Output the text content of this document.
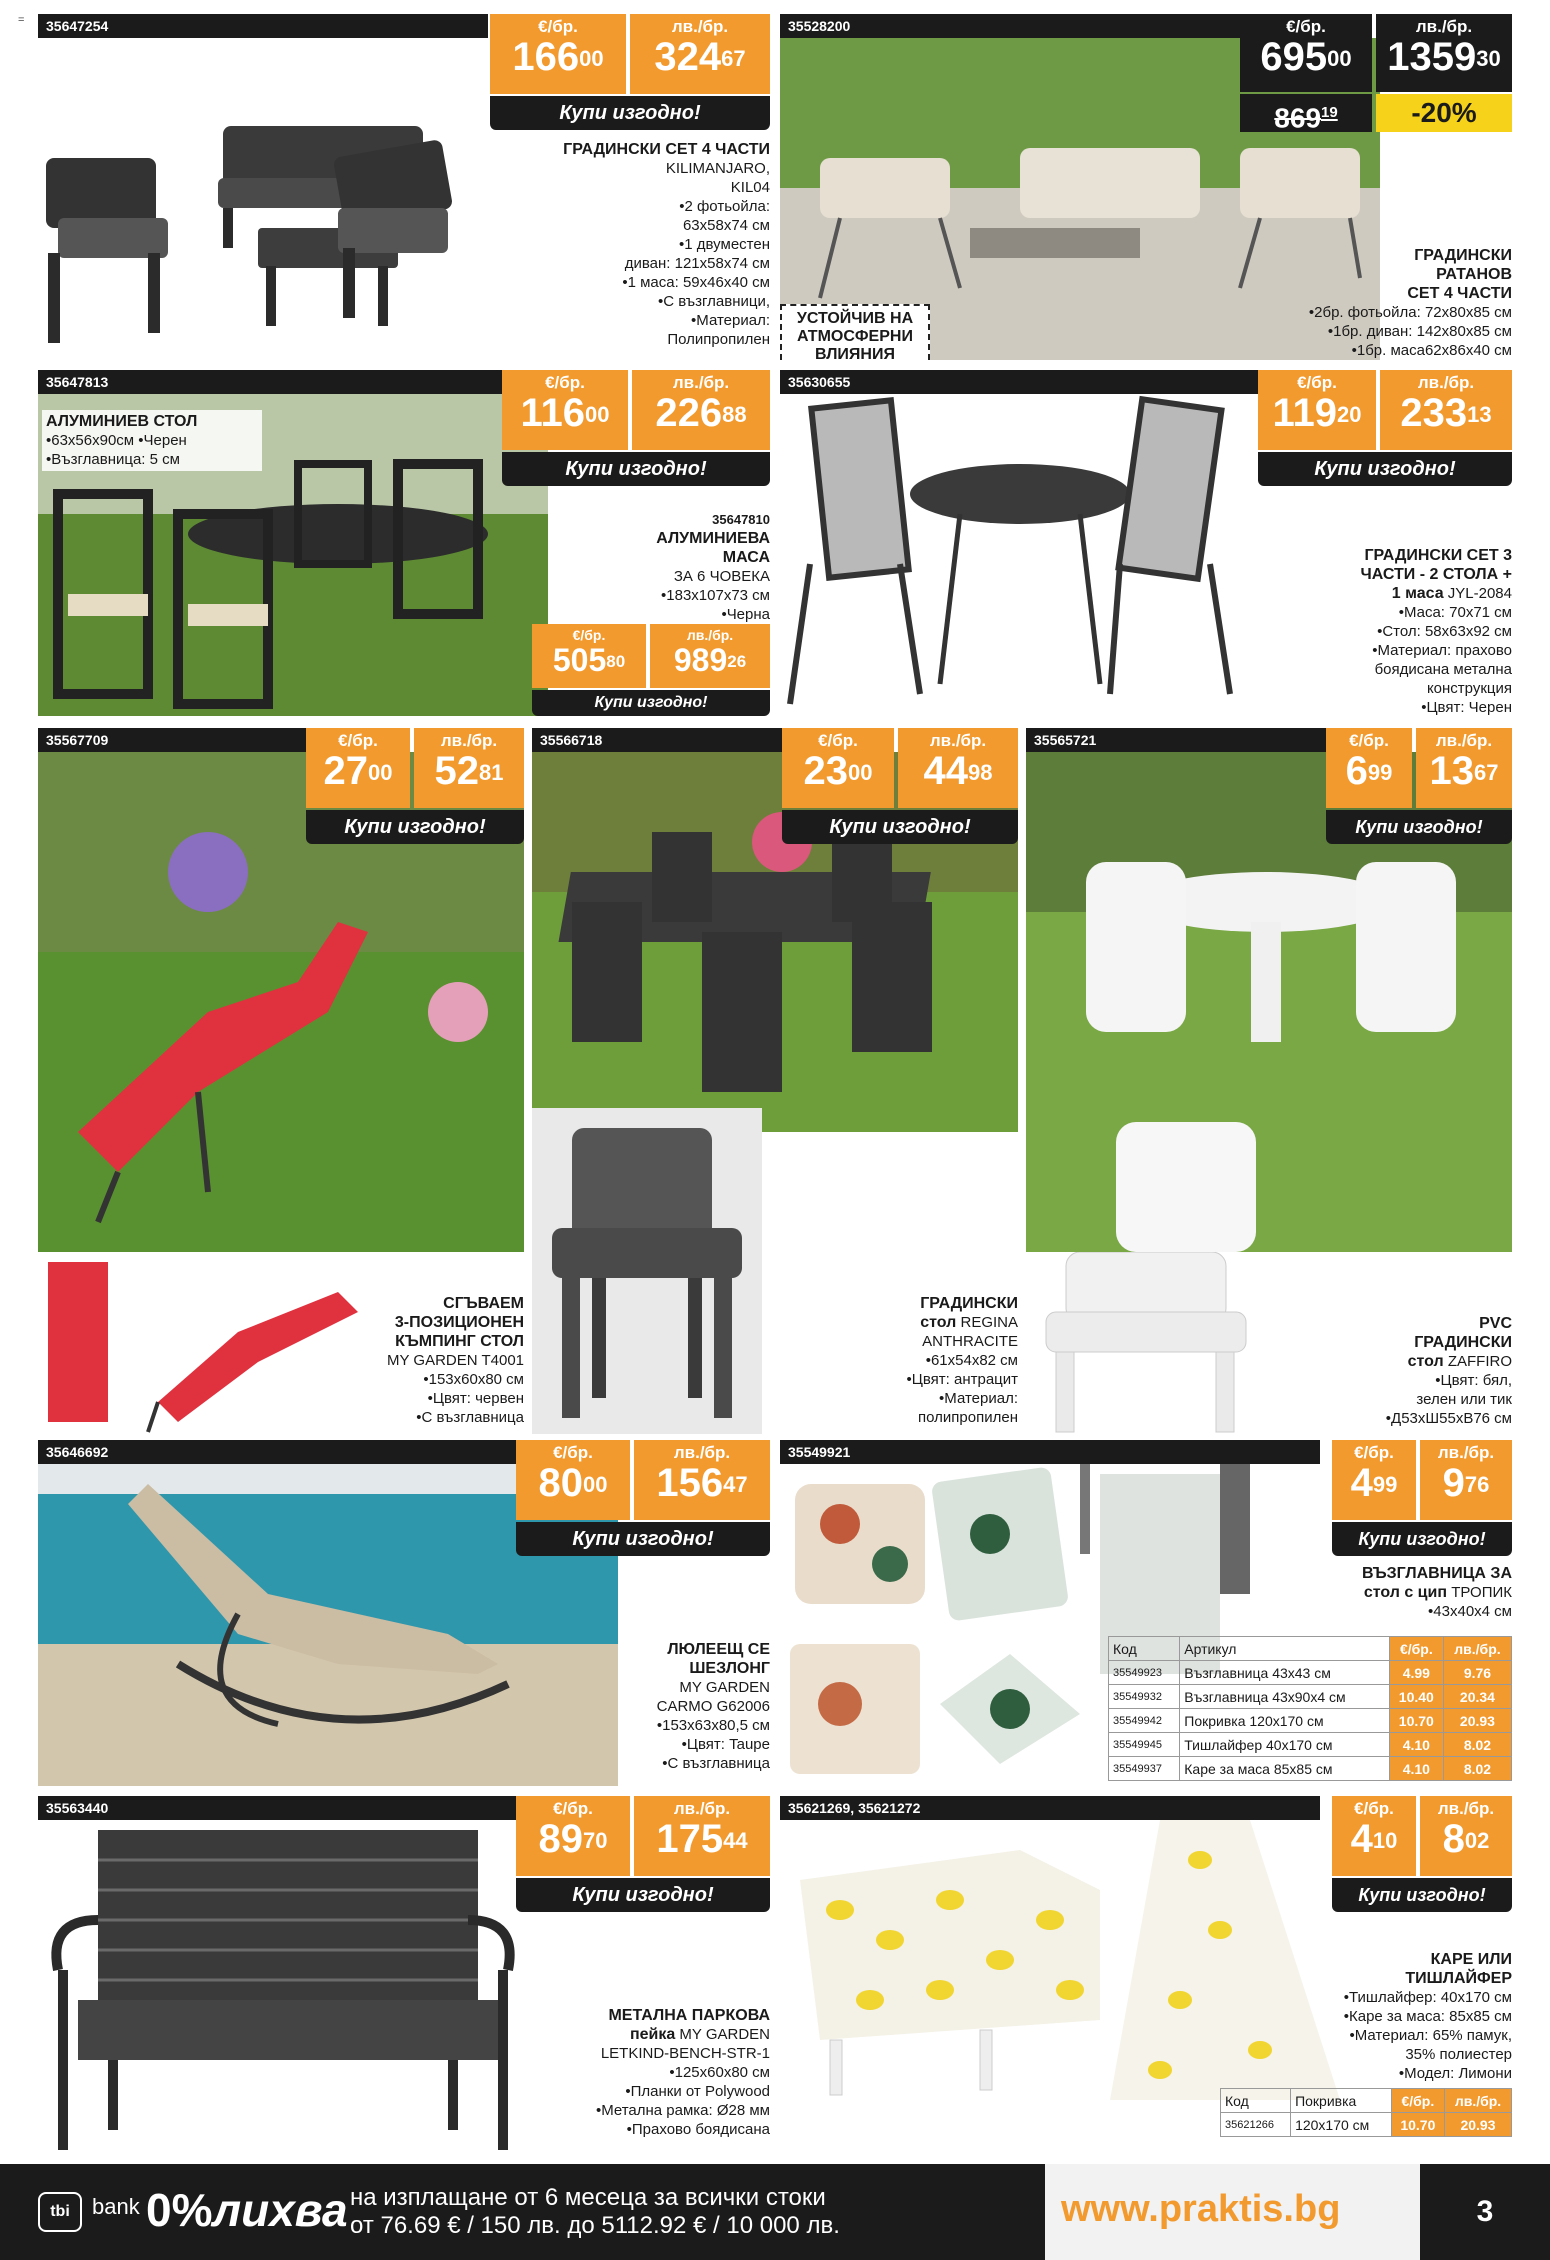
=	35647254	€/бр.
$166^{00}$
лв./бр.
$324^{67}$
Купи изгодно!
ГРАДИНСКИ СЕТ 4 ЧАСТИ
KILIMANJARO,
KIL04
•2 фотьойла:
63x58x74 см
•1 двуместен
диван: 121x58x74 см
•1 маса: 59x46x40 см
•С възглавници,
•Материал:
Полипропилен
35528200	€/бр.
$695^{00}$
лв./бр.
1359$^{30}$
$869^{19}$	-20%
УСТОЙЧИВ НА АТМОСФЕРНИ ВЛИЯНИЯ
ГРАДИНСКИ
РАТАНОВ
СЕТ 4 ЧАСТИ
•2бр. фотьойла: 72x80x85 см
•1бр. диван: 142x80x85 см
•1бр. маса62x86x40 см
35647813
АЛУМИНИЕВ СТОЛ
•63x56x90см •Черен
•Възглавница: 5 см
€/бр.
$116^{00}$
лв./бр.
$226^{88}$
Купи изгодно!
35647810
АЛУМИНИЕВА
МАСА
ЗА 6 ЧОВЕКА
•183x107x73 см
•Черна
€/бр.
$505^{80}$
лв./бр.
$989^{26}$
Купи изгодно!
35630655	€/бр.
$119^{20}$
лв./бр.
$233^{13}$
Купи изгодно!
ГРАДИНСКИ СЕТ 3
ЧАСТИ - 2 СТОЛА +
1 маса JYL-2084
•Маса: 70x71 см
•Стол: 58x63x92 см
•Материал: прахово
боядисана метална
конструкция
•Цвят: Черен
35567709	€/бр.
$27^{00}$
лв./бр.
$52^{81}$
Купи изгодно!
СГЪВАЕМ
3-ПОЗИЦИОНЕН
КЪМПИНГ СТОЛ
MY GARDEN T4001
•153x60x80 см
•Цвят: червен
•С възглавница
35566718	€/бр.
$23^{00}$
лв./бр.
$44^{98}$
Купи изгодно!
ГРАДИНСКИ
стол REGINA
ANTHRACITE
•61x54x82 см
•Цвят: антрацит
•Материал:
полипропилен
35565721	€/бр.
$6^{99}$
лв./бр.
$13^{67}$
Купи изгодно!
PVC
ГРАДИНСКИ
стол ZAFFIRO
•Цвят: бял,
зелен или тик
•Д53xШ55xВ76 см
35646692	€/бр.
$80^{00}$
лв./бр.
$156^{47}$
Купи изгодно!
ЛЮЛЕЕЩ СЕ
ШЕЗЛОНГ
MY GARDEN
CARMO G62006
•153x63x80,5 см
•Цвят: Taupe
•С възглавница
35549921	€/бр.
$4^{99}$
лв./бр.
$9^{76}$
Купи изгодно!
ВЪЗГЛАВНИЦА ЗА
стол с цип ТРОПИК
•43x40x4 см
Код	Артикул	€/бр.	лв./бр.
35549923	Възглавница 43x43 см	4.99	9.76
35549932	Възглавница 43x90x4 см	10.40	20.34
35549942	Покривка 120x170 см	10.70	20.93
35549945	Тишлайфер 40x170 см	4.10	8.02
35549937	Каре за маса 85x85 см	4.10	8.02
35563440	€/бр.
$89^{70}$
лв./бр.
$175^{44}$
Купи изгодно!
МЕТАЛНА ПАРКОВА
пейка MY GARDEN
LETKIND-BENCH-STR-1
•125x60x80 см
•Планки от Polywood
•Метална рамка: Ø28 мм
•Прахово боядисана
35621269, 35621272	€/бр.
$4^{10}$
лв./бр.
$8^{02}$
Купи изгодно!
КАРЕ ИЛИ
ТИШЛАЙФЕР
•Тишлайфер: 40x170 см
•Каре за маса: 85x85 см
•Материал: 65% памук,
35% полиестер
•Модел: Лимони
Код	Покривка	€/бр.	лв./бр.
35621266	120x170 см	10.70	20.93
tbi	bank 0%лихва на изплащане от 6 месеца за всички стоки
от 76.69 € / 150 лв. до 5112.92 € / 10 000 лв.	www.praktis.bg	3
